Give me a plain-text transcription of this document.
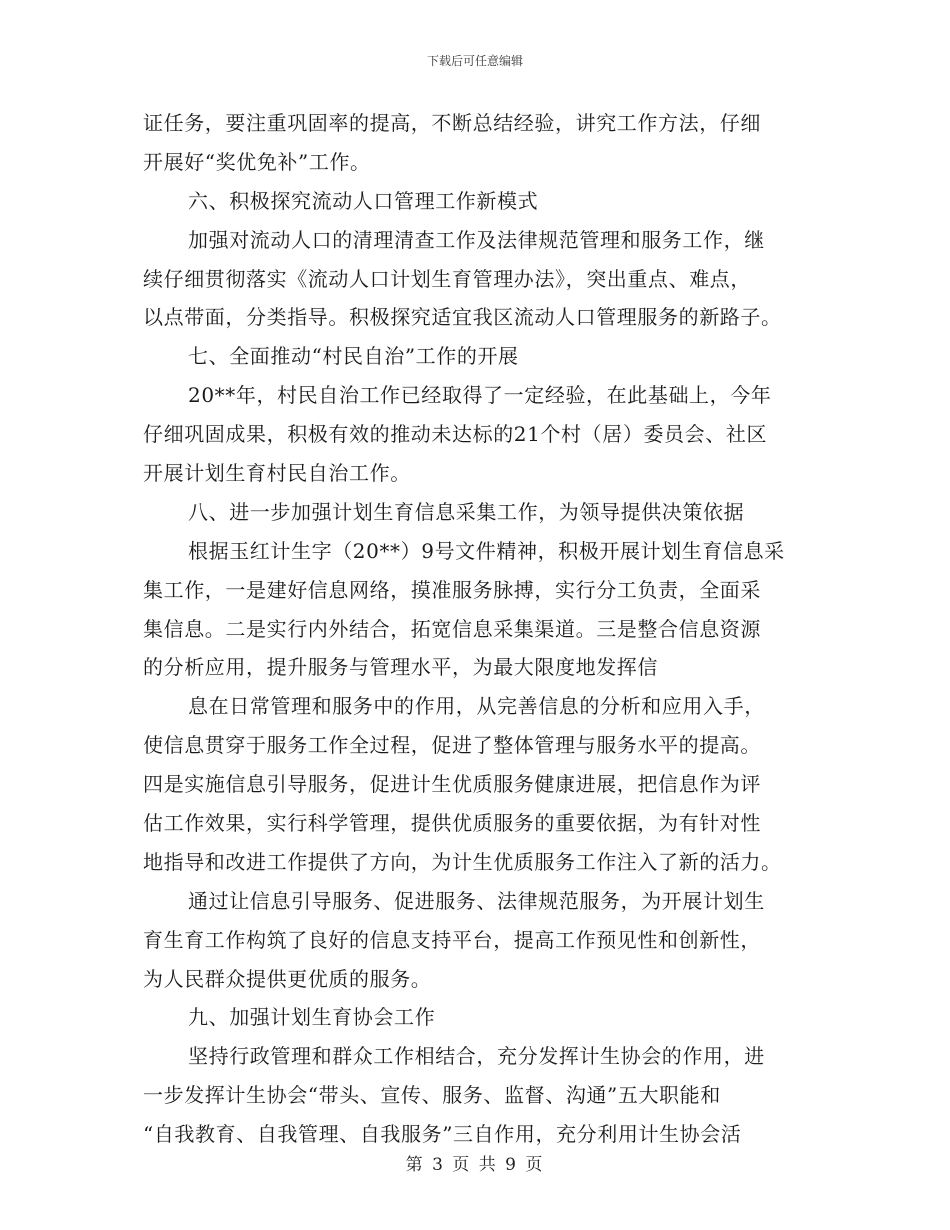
下载后可任意编辑
证任务，要注重巩固率的提高，不断总结经验，讲究工作方法，仔细
开展好“奖优免补”工作。
六、积极探究流动人口管理工作新模式
加强对流动人口的清理清查工作及法律规范管理和服务工作，继
续仔细贯彻落实《流动人口计划生育管理办法》，突出重点、难点，
以点带面，分类指导。积极探究适宜我区流动人口管理服务的新路子。
七、全面推动“村民自治”工作的开展
20**年，村民自治工作已经取得了一定经验，在此基础上，今年
仔细巩固成果，积极有效的推动未达标的21个村（居）委员会、社区
开展计划生育村民自治工作。
八、进一步加强计划生育信息采集工作，为领导提供决策依据
根据玉红计生字（20**）9号文件精神，积极开展计划生育信息采
集工作，一是建好信息网络，摸准服务脉搏，实行分工负责，全面采
集信息。二是实行内外结合，拓宽信息采集渠道。三是整合信息资源
的分析应用，提升服务与管理水平，为最大限度地发挥信
息在日常管理和服务中的作用，从完善信息的分析和应用入手，
使信息贯穿于服务工作全过程，促进了整体管理与服务水平的提高。
四是实施信息引导服务，促进计生优质服务健康进展，把信息作为评
估工作效果，实行科学管理，提供优质服务的重要依据，为有针对性
地指导和改进工作提供了方向，为计生优质服务工作注入了新的活力。
通过让信息引导服务、促进服务、法律规范服务，为开展计划生
育生育工作构筑了良好的信息支持平台，提高工作预见性和创新性，
为人民群众提供更优质的服务。
九、加强计划生育协会工作
坚持行政管理和群众工作相结合，充分发挥计生协会的作用，进
一步发挥计生协会“带头、宣传、服务、监督、沟通”五大职能和
“自我教育、自我管理、自我服务”三自作用，充分利用计生协会活
第 3 页 共 9 页
